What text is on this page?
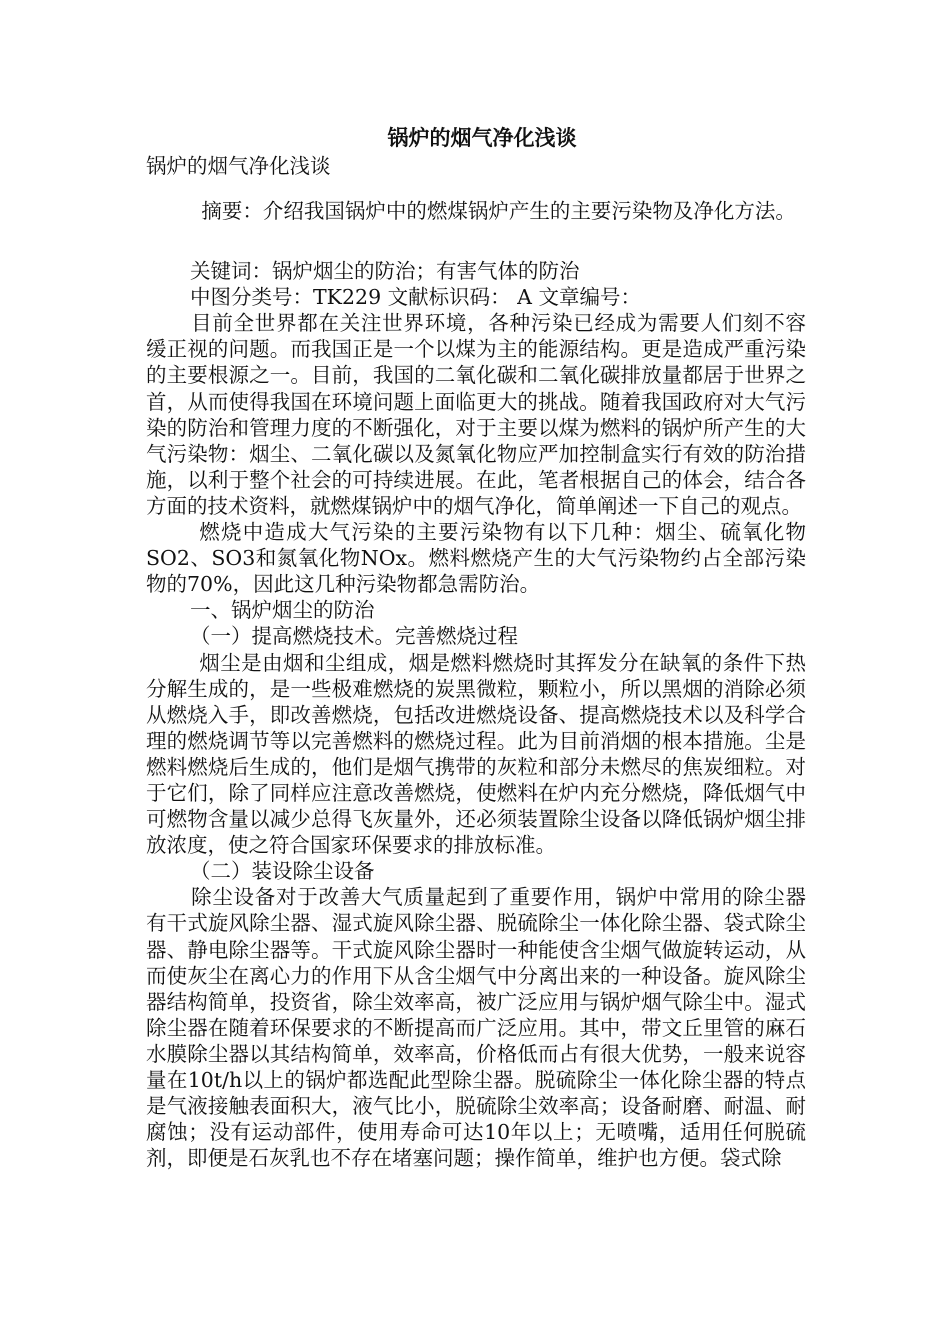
锅炉的烟气净化浅谈

锅炉的烟气净化浅谈

摘要：介绍我国锅炉中的燃煤锅炉产生的主要污染物及净化方法。

关键词：锅炉烟尘的防治；有害气体的防治

中图分类号：TK229 文献标识码： A 文章编号：

目前全世界都在关注世界环境，各种污染已经成为需要人们刻不容缓正视的问题。而我国正是一个以煤为主的能源结构。更是造成严重污染的主要根源之一。目前，我国的二氧化碳和二氧化碳排放量都居于世界之首，从而使得我国在环境问题上面临更大的挑战。随着我国政府对大气污染的防治和管理力度的不断强化，对于主要以煤为燃料的锅炉所产生的大气污染物：烟尘、二氧化碳以及氮氧化物应严加控制盒实行有效的防治措施，以利于整个社会的可持续进展。在此，笔者根据自己的体会，结合各方面的技术资料，就燃煤锅炉中的烟气净化，简单阐述一下自己的观点。

燃烧中造成大气污染的主要污染物有以下几种：烟尘、硫氧化物SO2、SO3和氮氧化物NOx。燃料燃烧产生的大气污染物约占全部污染物的70%，因此这几种污染物都急需防治。

一、锅炉烟尘的防治

（一）提高燃烧技术。完善燃烧过程

烟尘是由烟和尘组成，烟是燃料燃烧时其挥发分在缺氧的条件下热分解生成的，是一些极难燃烧的炭黑微粒，颗粒小，所以黑烟的消除必须从燃烧入手，即改善燃烧，包括改进燃烧设备、提高燃烧技术以及科学合理的燃烧调节等以完善燃料的燃烧过程。此为目前消烟的根本措施。尘是燃料燃烧后生成的，他们是烟气携带的灰粒和部分未燃尽的焦炭细粒。对于它们，除了同样应注意改善燃烧，使燃料在炉内充分燃烧，降低烟气中可燃物含量以减少总得飞灰量外，还必须装置除尘设备以降低锅炉烟尘排放浓度，使之符合国家环保要求的排放标准。

（二）装设除尘设备

除尘设备对于改善大气质量起到了重要作用，锅炉中常用的除尘器有干式旋风除尘器、湿式旋风除尘器、脱硫除尘一体化除尘器、袋式除尘器、静电除尘器等。干式旋风除尘器时一种能使含尘烟气做旋转运动，从而使灰尘在离心力的作用下从含尘烟气中分离出来的一种设备。旋风除尘器结构简单，投资省，除尘效率高，被广泛应用与锅炉烟气除尘中。湿式除尘器在随着环保要求的不断提高而广泛应用。其中，带文丘里管的麻石水膜除尘器以其结构简单，效率高，价格低而占有很大优势，一般来说容量在10t/h以上的锅炉都选配此型除尘器。脱硫除尘一体化除尘器的特点是气液接触表面积大，液气比小，脱硫除尘效率高；设备耐磨、耐温、耐腐蚀；没有运动部件，使用寿命可达10年以上；无喷嘴，适用任何脱硫剂，即便是石灰乳也不存在堵塞问题；操作简单，维护也方便。袋式除
